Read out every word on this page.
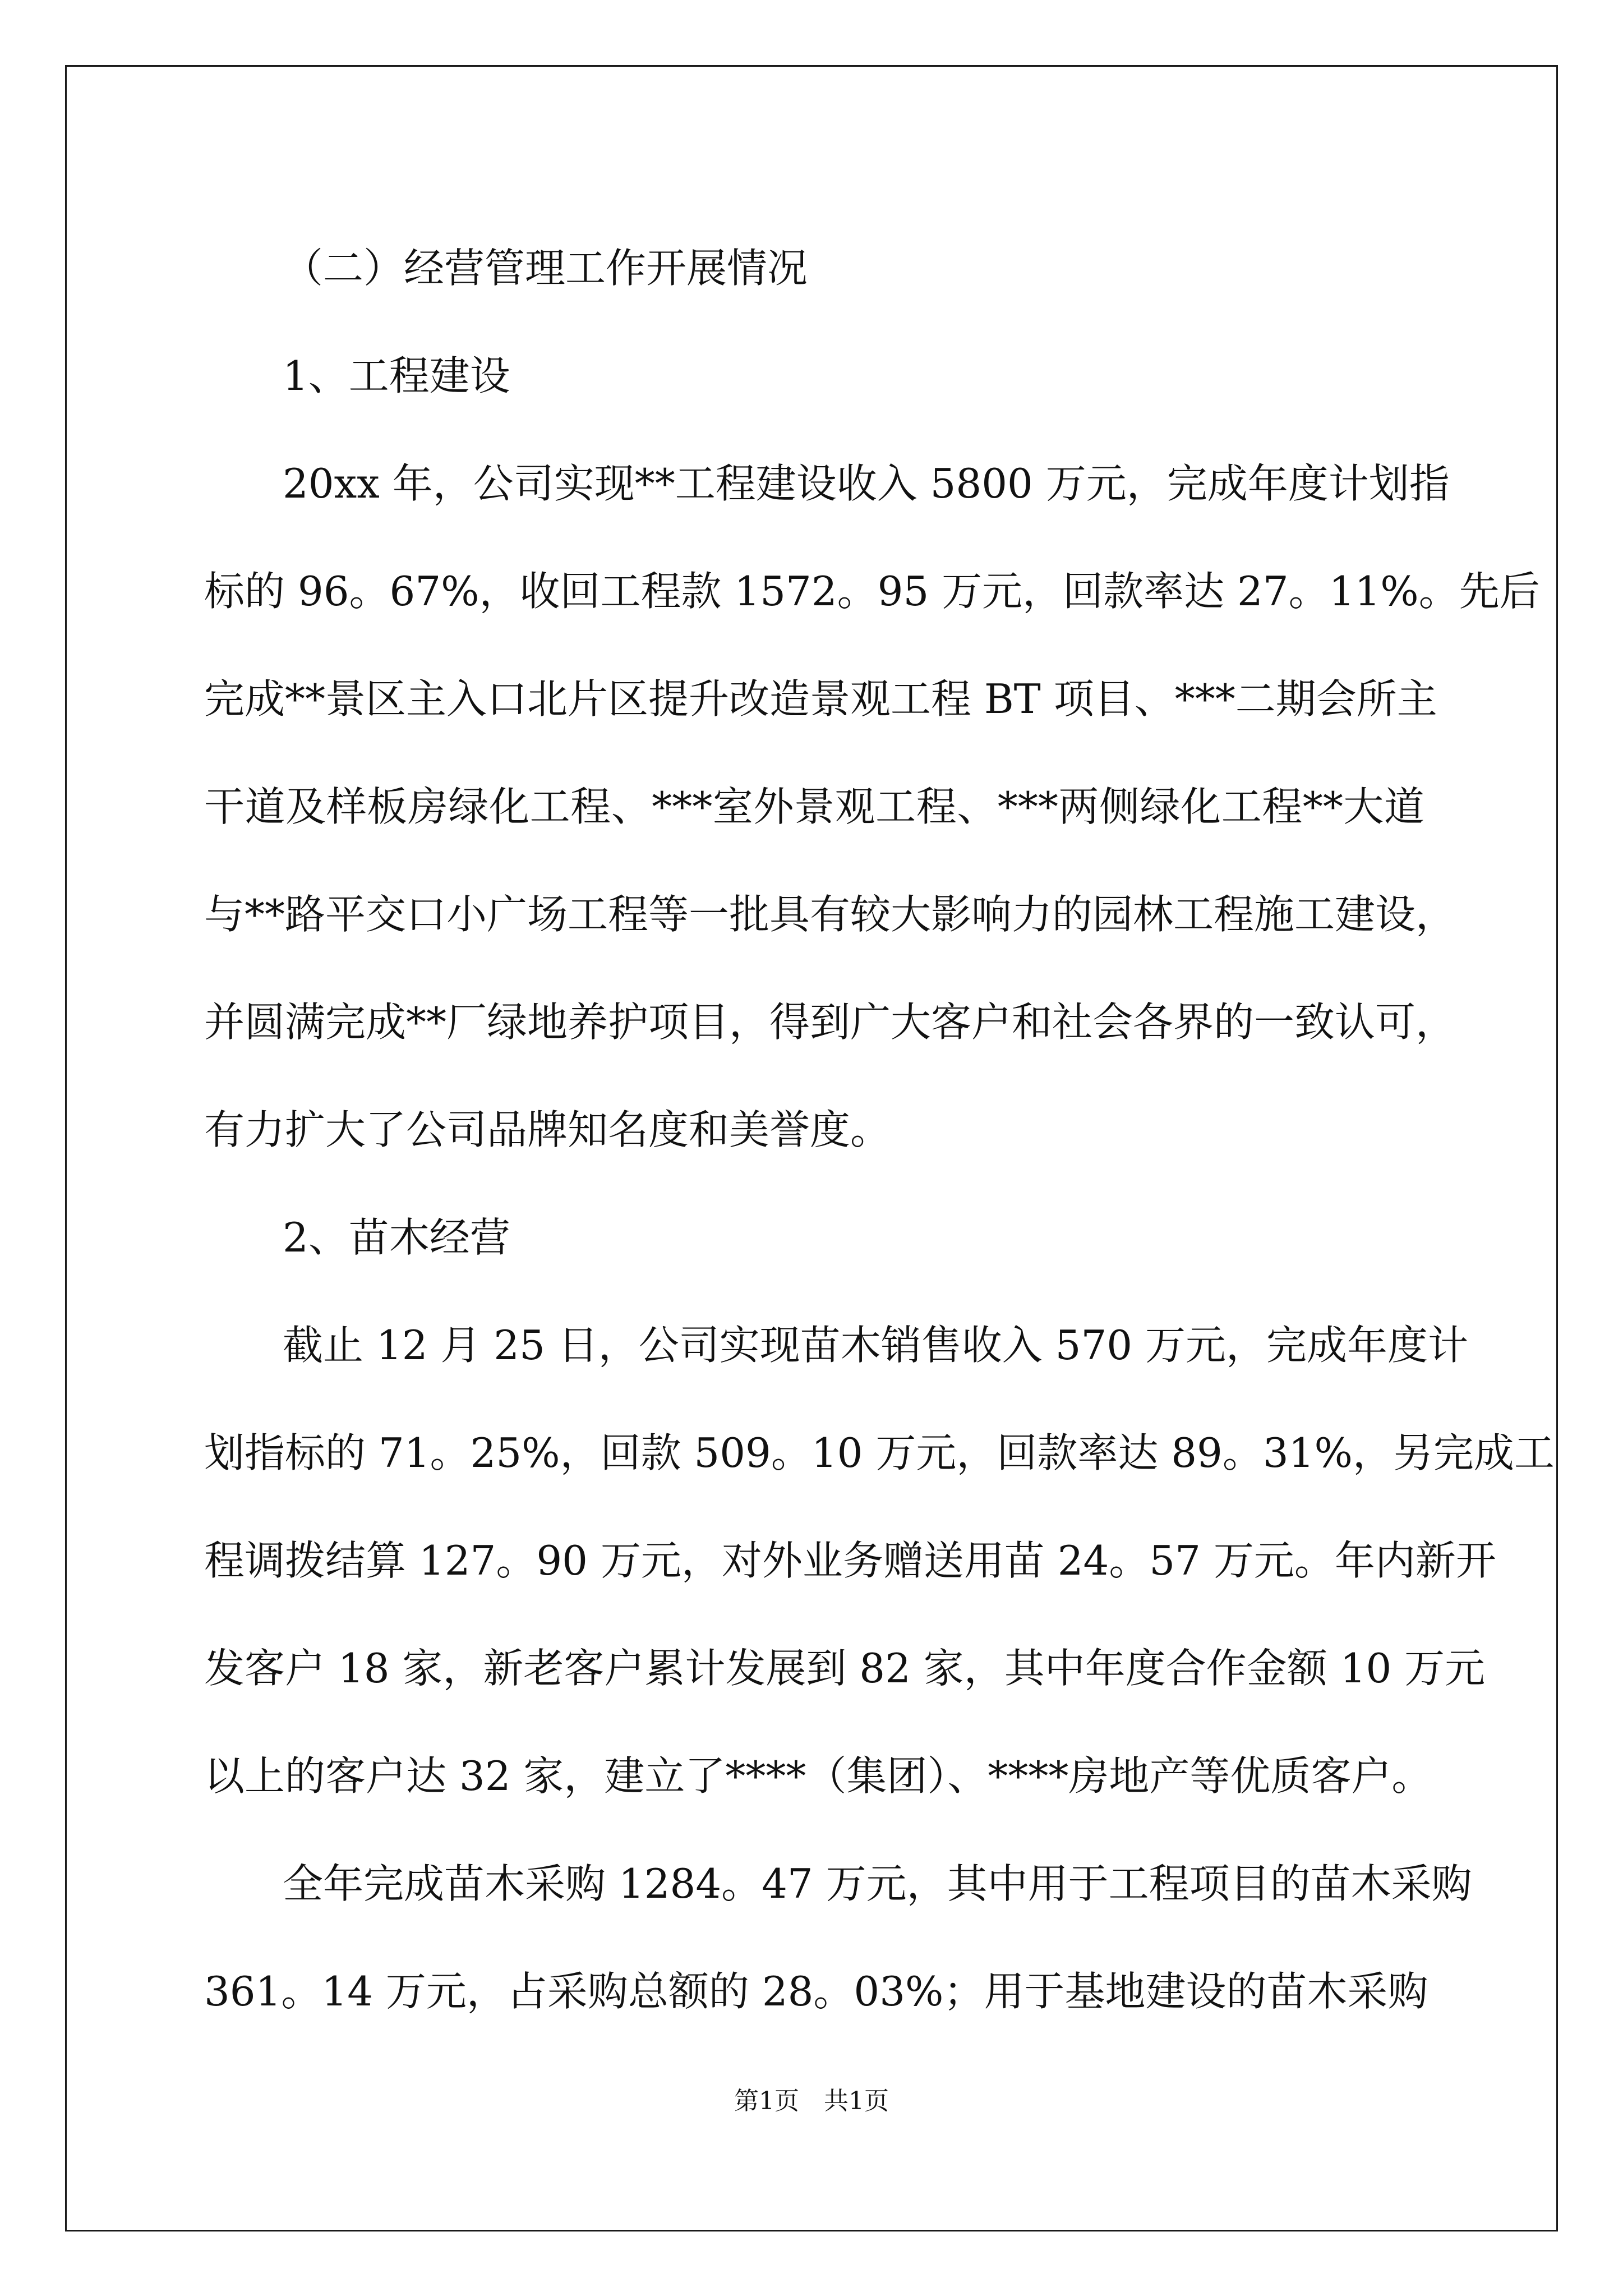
（二）经营管理工作开展情况
1、工程建设
20xx 年，公司实现**工程建设收入 5800 万元，完成年度计划指
标的 96。67%，收回工程款 1572。95 万元，回款率达 27。11%。先后
完成**景区主入口北片区提升改造景观工程 BT 项目、***二期会所主
干道及样板房绿化工程、***室外景观工程、***两侧绿化工程**大道
与**路平交口小广场工程等一批具有较大影响力的园林工程施工建设，
并圆满完成**厂绿地养护项目，得到广大客户和社会各界的一致认可，
有力扩大了公司品牌知名度和美誉度。
2、苗木经营
截止 12 月 25 日，公司实现苗木销售收入 570 万元，完成年度计
划指标的 71。25%，回款 509。10 万元，回款率达 89。31%，另完成工
程调拨结算 127。90 万元，对外业务赠送用苗 24。57 万元。年内新开
发客户 18 家，新老客户累计发展到 82 家，其中年度合作金额 10 万元
以上的客户达 32 家，建立了****（集团）、****房地产等优质客户。
全年完成苗木采购 1284。47 万元，其中用于工程项目的苗木采购
361。14 万元，占采购总额的 28。03%；用于基地建设的苗木采购
第1页　共1页
